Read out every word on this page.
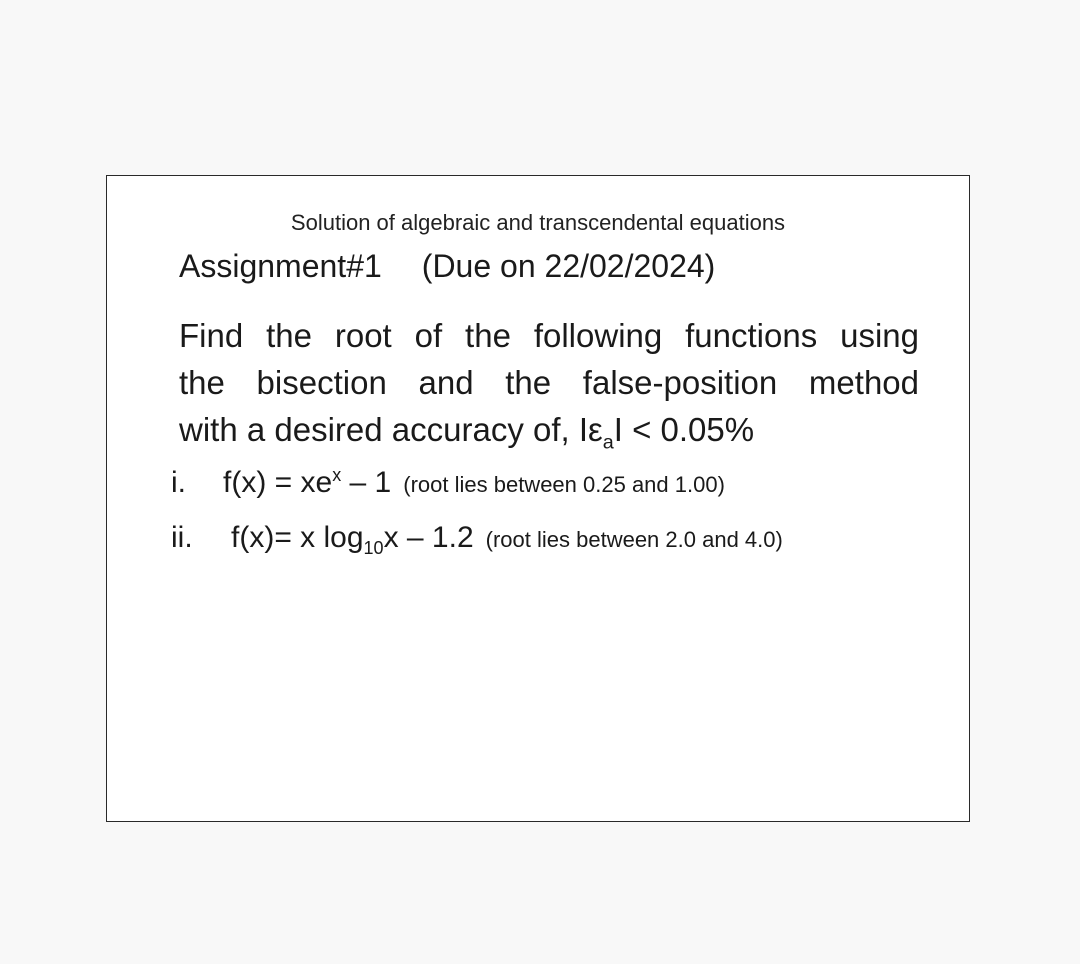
Solution of algebraic and transcendental equations
Assignment#1 (Due on 22/02/2024)
Find the root of the following functions using
the bisection and the false-position method
with a desired accuracy of, $I\varepsilon_aI < 0.05\%$
i. $f(x) = xe^x - 1$ (root lies between 0.25 and 1.00)
ii. f(x)= x $\log_{10}x - 1.2$ (root lies between 2.0 and 4.0)
